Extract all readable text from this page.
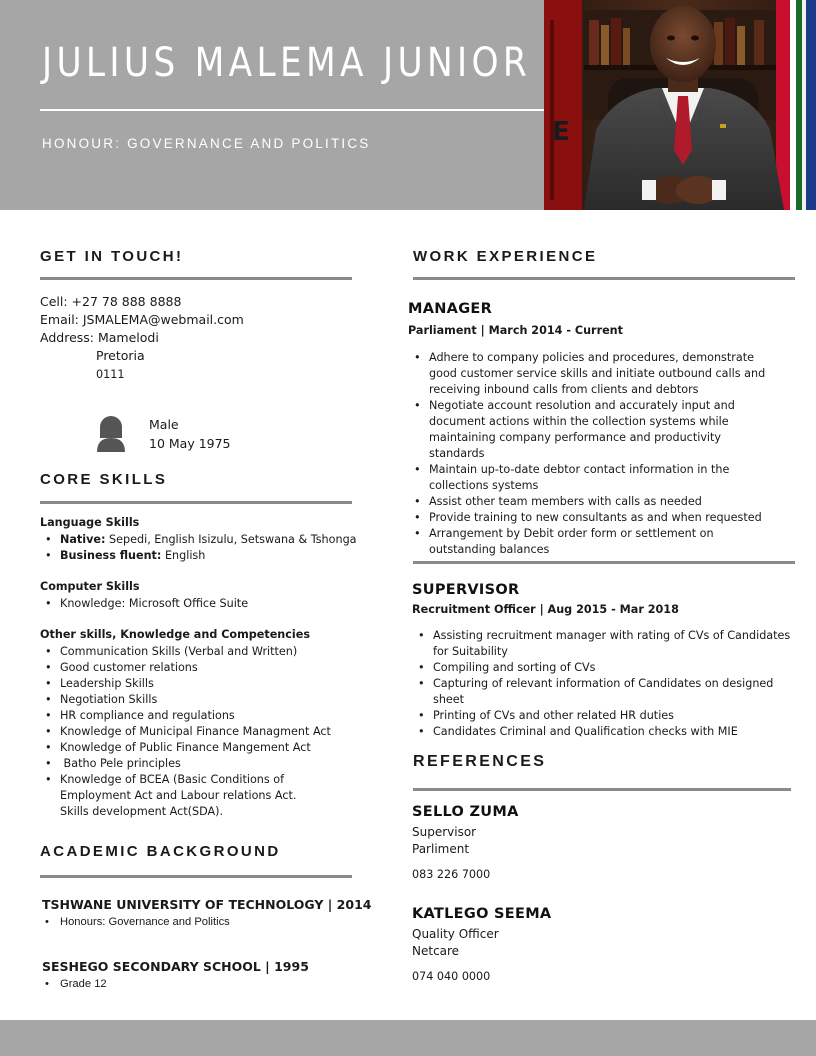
JULIUS MALEMA JUNIOR
HONOUR: GOVERNANCE AND POLITICS	E
GET IN TOUCH!
Cell: +27 78 888 8888
Email: JSMALEMA@webmail.com
Address: Mamelodi
Pretoria
0111
Male
10 May 1975
CORE SKILLS
Language Skills
• Native: Sepedi, English Isizulu, Setswana & Tshonga
• Business fluent: English
Computer Skills
• Knowledge: Microsoft Office Suite
Other skills, Knowledge and Competencies
• Communication Skills (Verbal and Written)
• Good customer relations
• Leadership Skills
• Negotiation Skills
• HR compliance and regulations
• Knowledge of Municipal Finance Managment Act
• Knowledge of Public Finance Mangement Act
•  Batho Pele principles
• Knowledge of BCEA (Basic Conditions of Employment Act and Labour relations Act. Skills development Act(SDA).
ACADEMIC BACKGROUND
TSHWANE UNIVERSITY OF TECHNOLOGY | 2014
• Honours: Governance and Politics
SESHEGO SECONDARY SCHOOL | 1995
• Grade 12
WORK EXPERIENCE
MANAGER
Parliament | March 2014 - Current
• Adhere to company policies and procedures, demonstrate good customer service skills and initiate outbound calls and receiving inbound calls from clients and debtors
• Negotiate account resolution and accurately input and document actions within the collection systems while maintaining company performance and productivity standards
• Maintain up-to-date debtor contact information in the collections systems
• Assist other team members with calls as needed
• Provide training to new consultants as and when requested
• Arrangement by Debit order form or settlement on outstanding balances
SUPERVISOR
Recruitment Officer | Aug 2015 - Mar 2018
• Assisting recruitment manager with rating of CVs of Candidates for Suitability
• Compiling and sorting of CVs
• Capturing of relevant information of Candidates on designed sheet
• Printing of CVs and other related HR duties
• Candidates Criminal and Qualification checks with MIE
REFERENCES
SELLO ZUMA
Supervisor
Parliment
083 226 7000
KATLEGO SEEMA
Quality Officer
Netcare
074 040 0000
